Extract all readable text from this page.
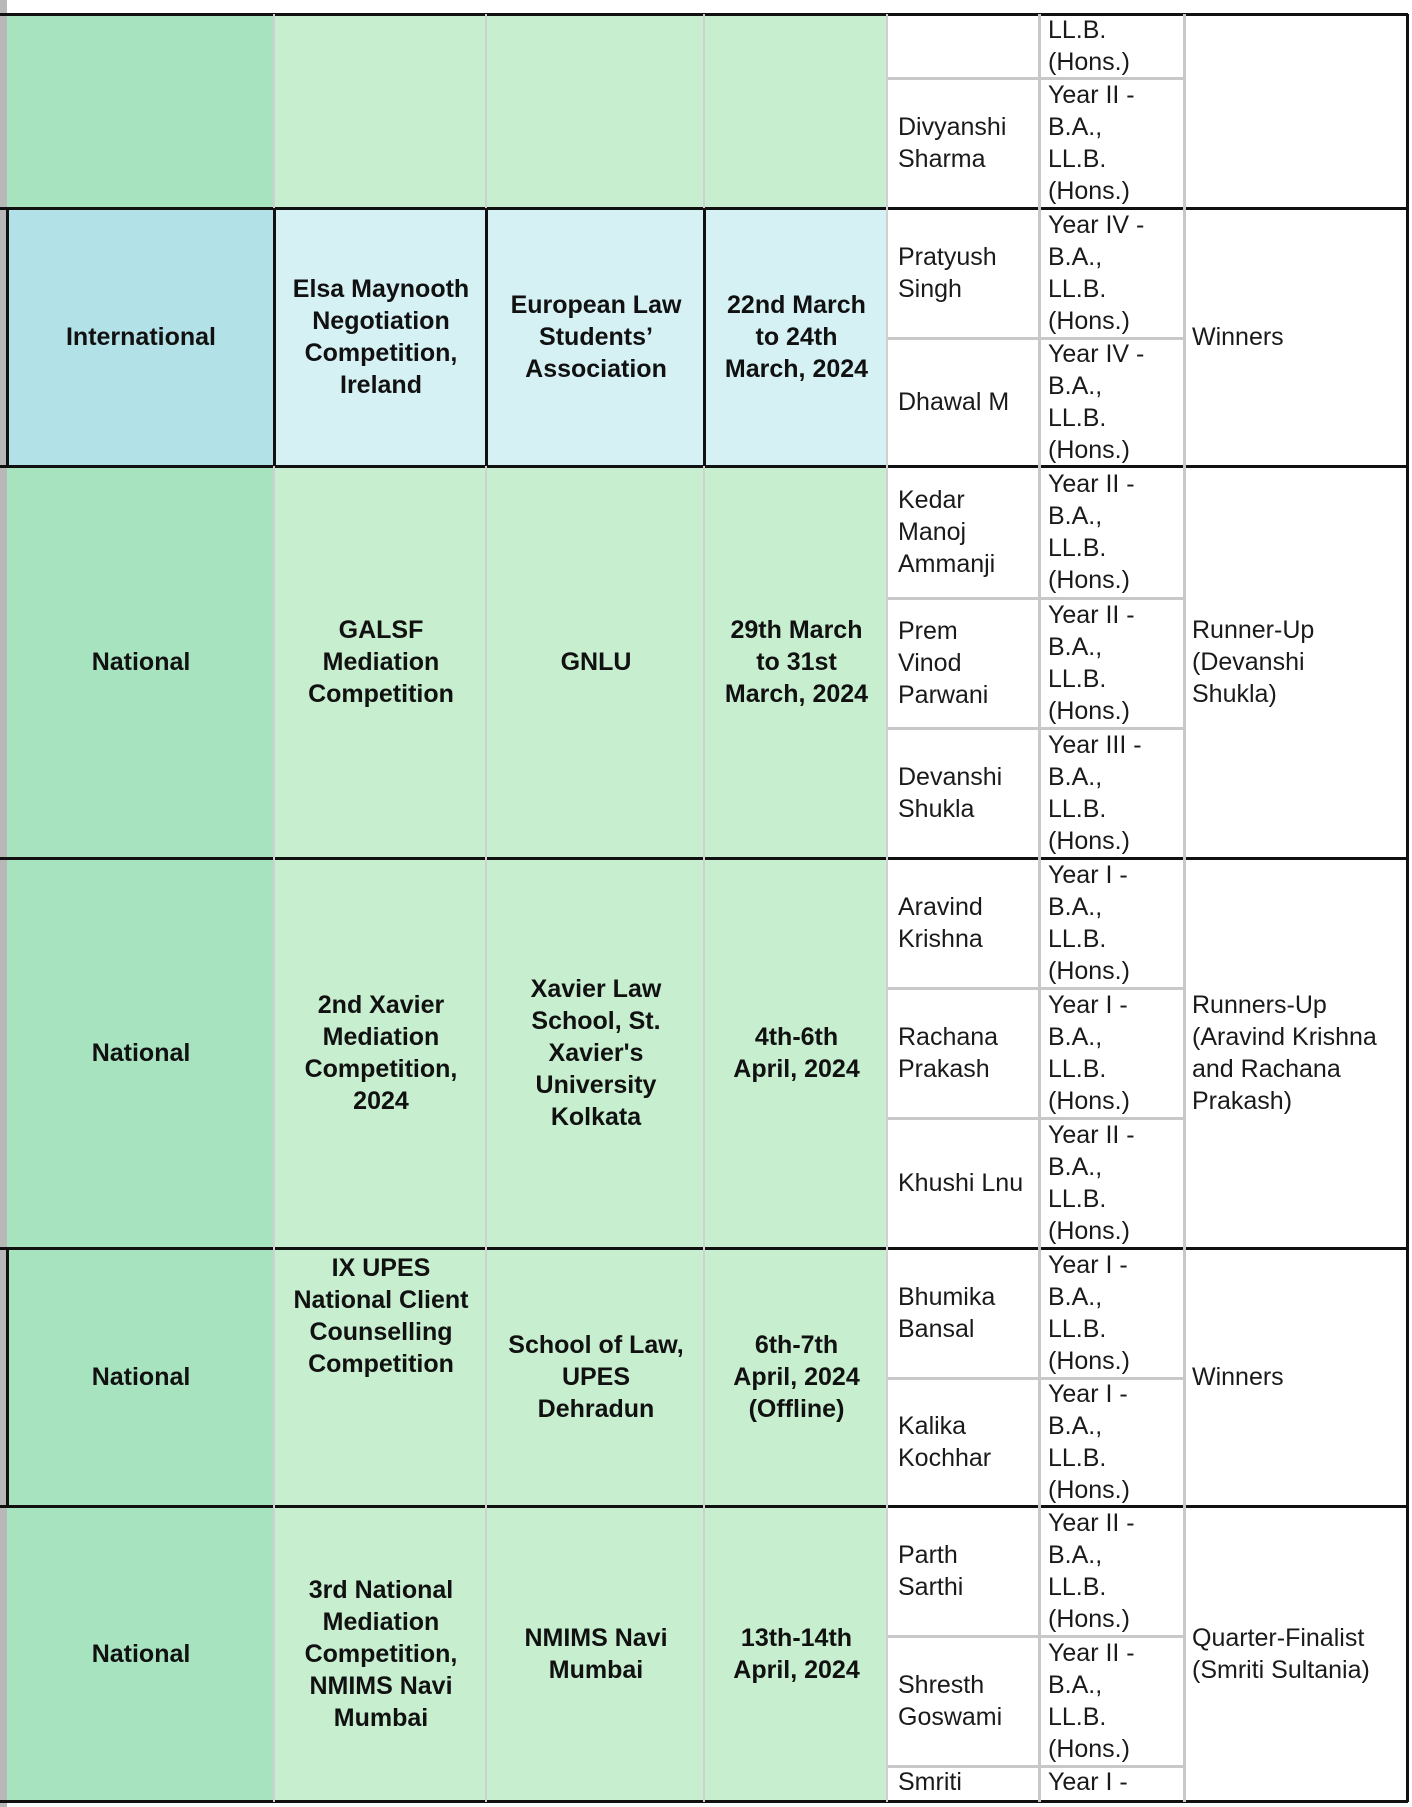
LL.B.
(Hons.)
Divyanshi
Sharma
Year II -
B.A.,
LL.B.
(Hons.)
International
Elsa Maynooth
Negotiation
Competition,
Ireland
European Law
Students’
Association
22nd March
to 24th
March, 2024
Pratyush
Singh
Year IV -
B.A.,
LL.B.
(Hons.)
Dhawal M
Year IV -
B.A.,
LL.B.
(Hons.)
Winners
National
GALSF
Mediation
Competition
GNLU
29th March
to 31st
March, 2024
Kedar
Manoj
Ammanji
Year II -
B.A.,
LL.B.
(Hons.)
Prem
Vinod
Parwani
Year II -
B.A.,
LL.B.
(Hons.)
Devanshi
Shukla
Year III -
B.A.,
LL.B.
(Hons.)
Runner-Up
(Devanshi
Shukla)
National
2nd Xavier
Mediation
Competition,
2024
Xavier Law
School, St.
Xavier's
University
Kolkata
4th-6th
April, 2024
Aravind
Krishna
Year I -
B.A.,
LL.B.
(Hons.)
Rachana
Prakash
Year I -
B.A.,
LL.B.
(Hons.)
Khushi Lnu
Year II -
B.A.,
LL.B.
(Hons.)
Runners-Up
(Aravind Krishna
and Rachana
Prakash)
National
IX UPES
National Client
Counselling
Competition
School of Law,
UPES
Dehradun
6th-7th
April, 2024
(Offline)
Bhumika
Bansal
Year I -
B.A.,
LL.B.
(Hons.)
Kalika
Kochhar
Year I -
B.A.,
LL.B.
(Hons.)
Winners
National
3rd National
Mediation
Competition,
NMIMS Navi
Mumbai
NMIMS Navi
Mumbai
13th-14th
April, 2024
Parth
Sarthi
Year II -
B.A.,
LL.B.
(Hons.)
Shresth
Goswami
Year II -
B.A.,
LL.B.
(Hons.)
Smriti	Year I -
Quarter-Finalist
(Smriti Sultania)
